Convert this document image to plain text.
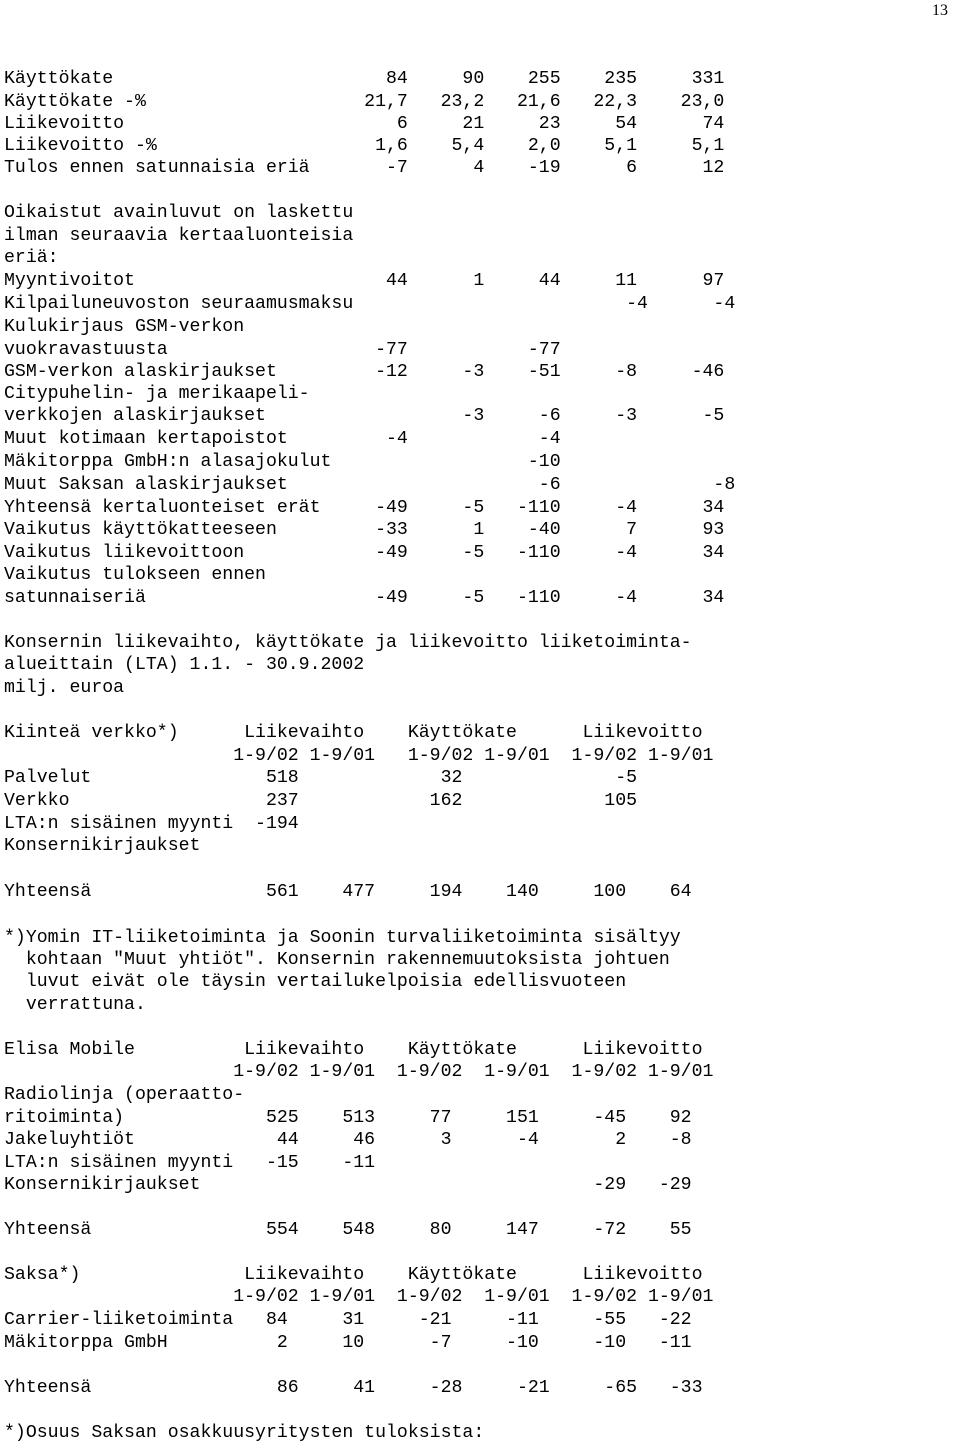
13
Käyttökate                         84     90    255    235     331
Käyttökate -%                    21,7   23,2   21,6   22,3    23,0
Liikevoitto                         6     21     23     54      74
Liikevoitto -%                    1,6    5,4    2,0    5,1     5,1
Tulos ennen satunnaisia eriä       -7      4    -19      6      12
Oikaistut avainluvut on laskettu
ilman seuraavia kertaaluonteisia
eriä:
Myyntivoitot                       44      1     44     11      97
Kilpailuneuvoston seuraamusmaksu                         -4      -4
Kulukirjaus GSM-verkon
vuokravastuusta                   -77           -77
GSM-verkon alaskirjaukset         -12     -3    -51     -8     -46
Citypuhelin- ja merikaapeli-
verkkojen alaskirjaukset                  -3     -6     -3      -5
Muut kotimaan kertapoistot         -4            -4
Mäkitorppa GmbH:n alasajokulut                  -10
Muut Saksan alaskirjaukset                       -6              -8
Yhteensä kertaluonteiset erät     -49     -5   -110     -4      34
Vaikutus käyttökatteeseen         -33      1    -40      7      93
Vaikutus liikevoittoon            -49     -5   -110     -4      34
Vaikutus tulokseen ennen
satunnaiseriä                     -49     -5   -110     -4      34
Konsernin liikevaihto, käyttökate ja liikevoitto liiketoiminta-
alueittain (LTA) 1.1. - 30.9.2002
milj. euroa
Kiinteä verkko*)      Liikevaihto    Käyttökate      Liikevoitto
1-9/02 1-9/01   1-9/02 1-9/01  1-9/02 1-9/01
Palvelut                518             32              -5
Verkko                  237            162             105
LTA:n sisäinen myynti  -194
Konsernikirjaukset
Yhteensä                561    477     194    140     100    64
*)Yomin IT-liiketoiminta ja Soonin turvaliiketoiminta sisältyy
kohtaan "Muut yhtiöt". Konsernin rakennemuutoksista johtuen
luvut eivät ole täysin vertailukelpoisia edellisvuoteen
verrattuna.
Elisa Mobile          Liikevaihto    Käyttökate      Liikevoitto
1-9/02 1-9/01  1-9/02  1-9/01  1-9/02 1-9/01
Radiolinja (operaatto-
ritoiminta)             525    513     77     151     -45    92
Jakeluyhtiöt             44     46      3      -4       2    -8
LTA:n sisäinen myynti   -15    -11
Konsernikirjaukset                                    -29   -29
Yhteensä                554    548     80     147     -72    55
Saksa*)               Liikevaihto    Käyttökate      Liikevoitto
1-9/02 1-9/01  1-9/02  1-9/01  1-9/02 1-9/01
Carrier-liiketoiminta   84     31     -21     -11     -55   -22
Mäkitorppa GmbH          2     10      -7     -10     -10   -11
Yhteensä                 86     41     -28     -21     -65   -33
*)Osuus Saksan osakkuusyritysten tuloksista:
